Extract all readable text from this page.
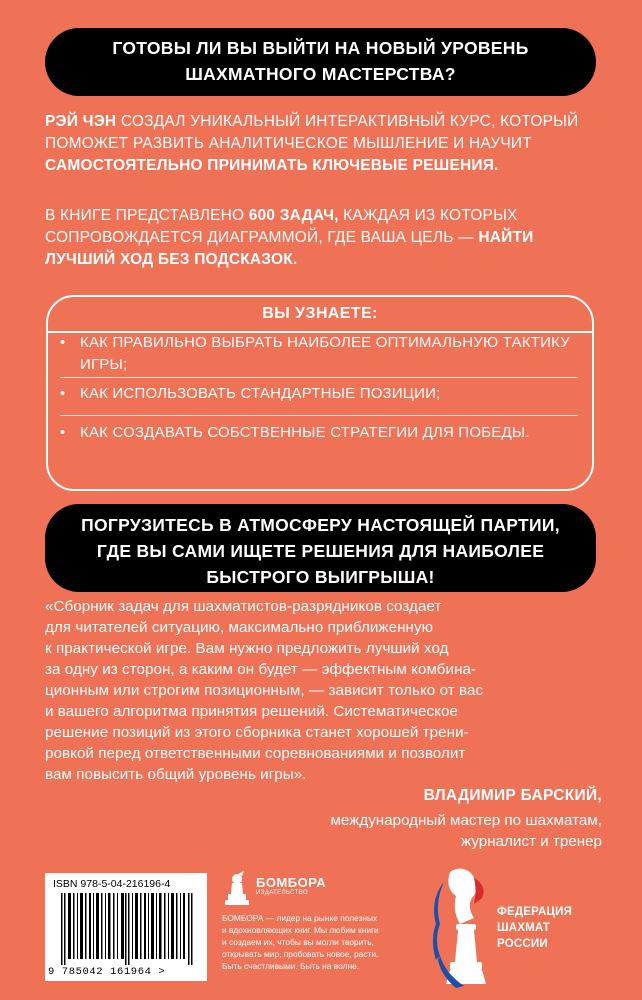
ГОТОВЫ ЛИ ВЫ ВЫЙТИ НА НОВЫЙ УРОВЕНЬ
ШАХМАТНОГО МАСТЕРСТВА?

РЭЙ ЧЭН СОЗДАЛ УНИКАЛЬНЫЙ ИНТЕРАКТИВНЫЙ КУРС, КОТОРЫЙ ПОМОЖЕТ РАЗВИТЬ АНАЛИТИЧЕСКОЕ МЫШЛЕНИЕ И НАУЧИТ САМОСТОЯТЕЛЬНО ПРИНИМАТЬ КЛЮЧЕВЫЕ РЕШЕНИЯ.

В КНИГЕ ПРЕДСТАВЛЕНО 600 ЗАДАЧ, КАЖДАЯ ИЗ КОТОРЫХ СОПРОВОЖДАЕТСЯ ДИАГРАММОЙ, ГДЕ ВАША ЦЕЛЬ — НАЙТИ ЛУЧШИЙ ХОД БЕЗ ПОДСКАЗОК.

ВЫ УЗНАЕТЕ:
• КАК ПРАВИЛЬНО ВЫБРАТЬ НАИБОЛЕЕ ОПТИМАЛЬНУЮ ТАКТИКУ ИГРЫ;
• КАК ИСПОЛЬЗОВАТЬ СТАНДАРТНЫЕ ПОЗИЦИИ;
• КАК СОЗДАВАТЬ СОБСТВЕННЫЕ СТРАТЕГИИ ДЛЯ ПОБЕДЫ.
ПОГРУЗИТЕСЬ В АТМОСФЕРУ НАСТОЯЩЕЙ ПАРТИИ,
ГДЕ ВЫ САМИ ИЩЕТЕ РЕШЕНИЯ ДЛЯ НАИБОЛЕЕ
БЫСТРОГО ВЫИГРЫША!
«Сборник задач для шахматистов-разрядников создает
для читателей ситуацию, максимально приближенную
к практической игре. Вам нужно предложить лучший ход
за одну из сторон, а каким он будет — эффектным комбина-
ционным или строгим позиционным, — зависит только от вас
и вашего алгоритма принятия решений. Систематическое
решение позиций из этого сборника станет хорошей трени-
ровкой перед ответственными соревнованиями и позволит
вам повысить общий уровень игры».
ВЛАДИМИР БАРСКИЙ,
международный мастер по шахматам,
журналист и тренер
ISBN 978-5-04-216196-4
9 785042 161964 >
БОМБОРА
ИЗДАТЕЛЬСТВО
БОМБОРА — лидер на рынке полезных
и вдохновляющих книг. Мы любим книги
и создаем их, чтобы вы могли творить,
открывать мир, пробовать новое, расти.
Быть счастливыми. Быть на волне.
ФЕДЕРАЦИЯ
ШАХМАТ
РОССИИ
